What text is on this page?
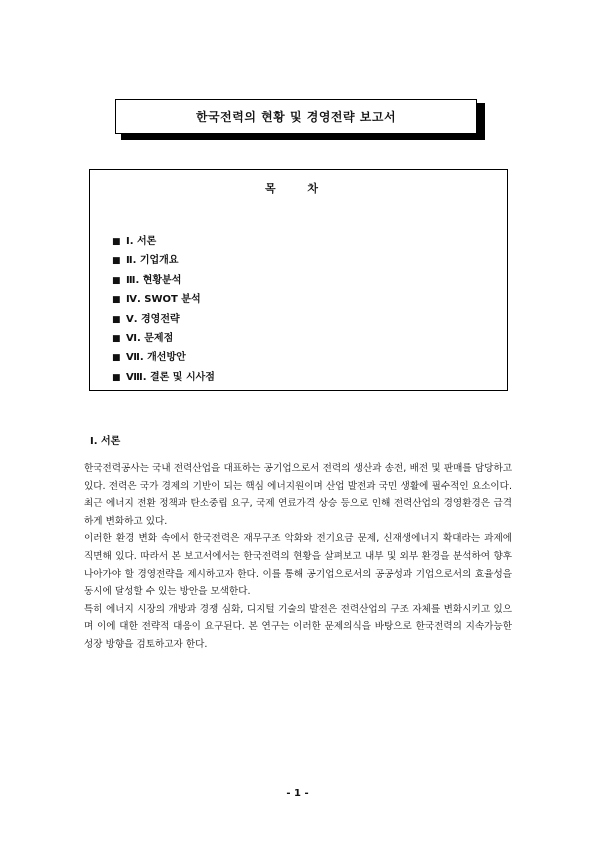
한국전력의 현황 및 경영전략 보고서
목 차
■ Ⅰ. 서론
■ Ⅱ. 기업개요
■ Ⅲ. 현황분석
■ Ⅳ. SWOT 분석
■ Ⅴ. 경영전략
■ Ⅵ. 문제점
■ Ⅶ. 개선방안
■ Ⅷ. 결론 및 시사점
Ⅰ. 서론

한국전력공사는 국내 전력산업을 대표하는 공기업으로서 전력의 생산과 송전, 배전 및 판매를 담당하고 있다. 전력은 국가 경제의 기반이 되는 핵심 에너지원이며 산업 발전과 국민 생활에 필수적인 요소이다. 최근 에너지 전환 정책과 탄소중립 요구, 국제 연료가격 상승 등으로 인해 전력산업의 경영환경은 급격하게 변화하고 있다.

이러한 환경 변화 속에서 한국전력은 재무구조 악화와 전기요금 문제, 신재생에너지 확대라는 과제에 직면해 있다. 따라서 본 보고서에서는 한국전력의 현황을 살펴보고 내부 및 외부 환경을 분석하여 향후 나아가야 할 경영전략을 제시하고자 한다. 이를 통해 공기업으로서의 공공성과 기업으로서의 효율성을 동시에 달성할 수 있는 방안을 모색한다.

특히 에너지 시장의 개방과 경쟁 심화, 디지털 기술의 발전은 전력산업의 구조 자체를 변화시키고 있으며 이에 대한 전략적 대응이 요구된다. 본 연구는 이러한 문제의식을 바탕으로 한국전력의 지속가능한 성장 방향을 검토하고자 한다.

- 1 -
